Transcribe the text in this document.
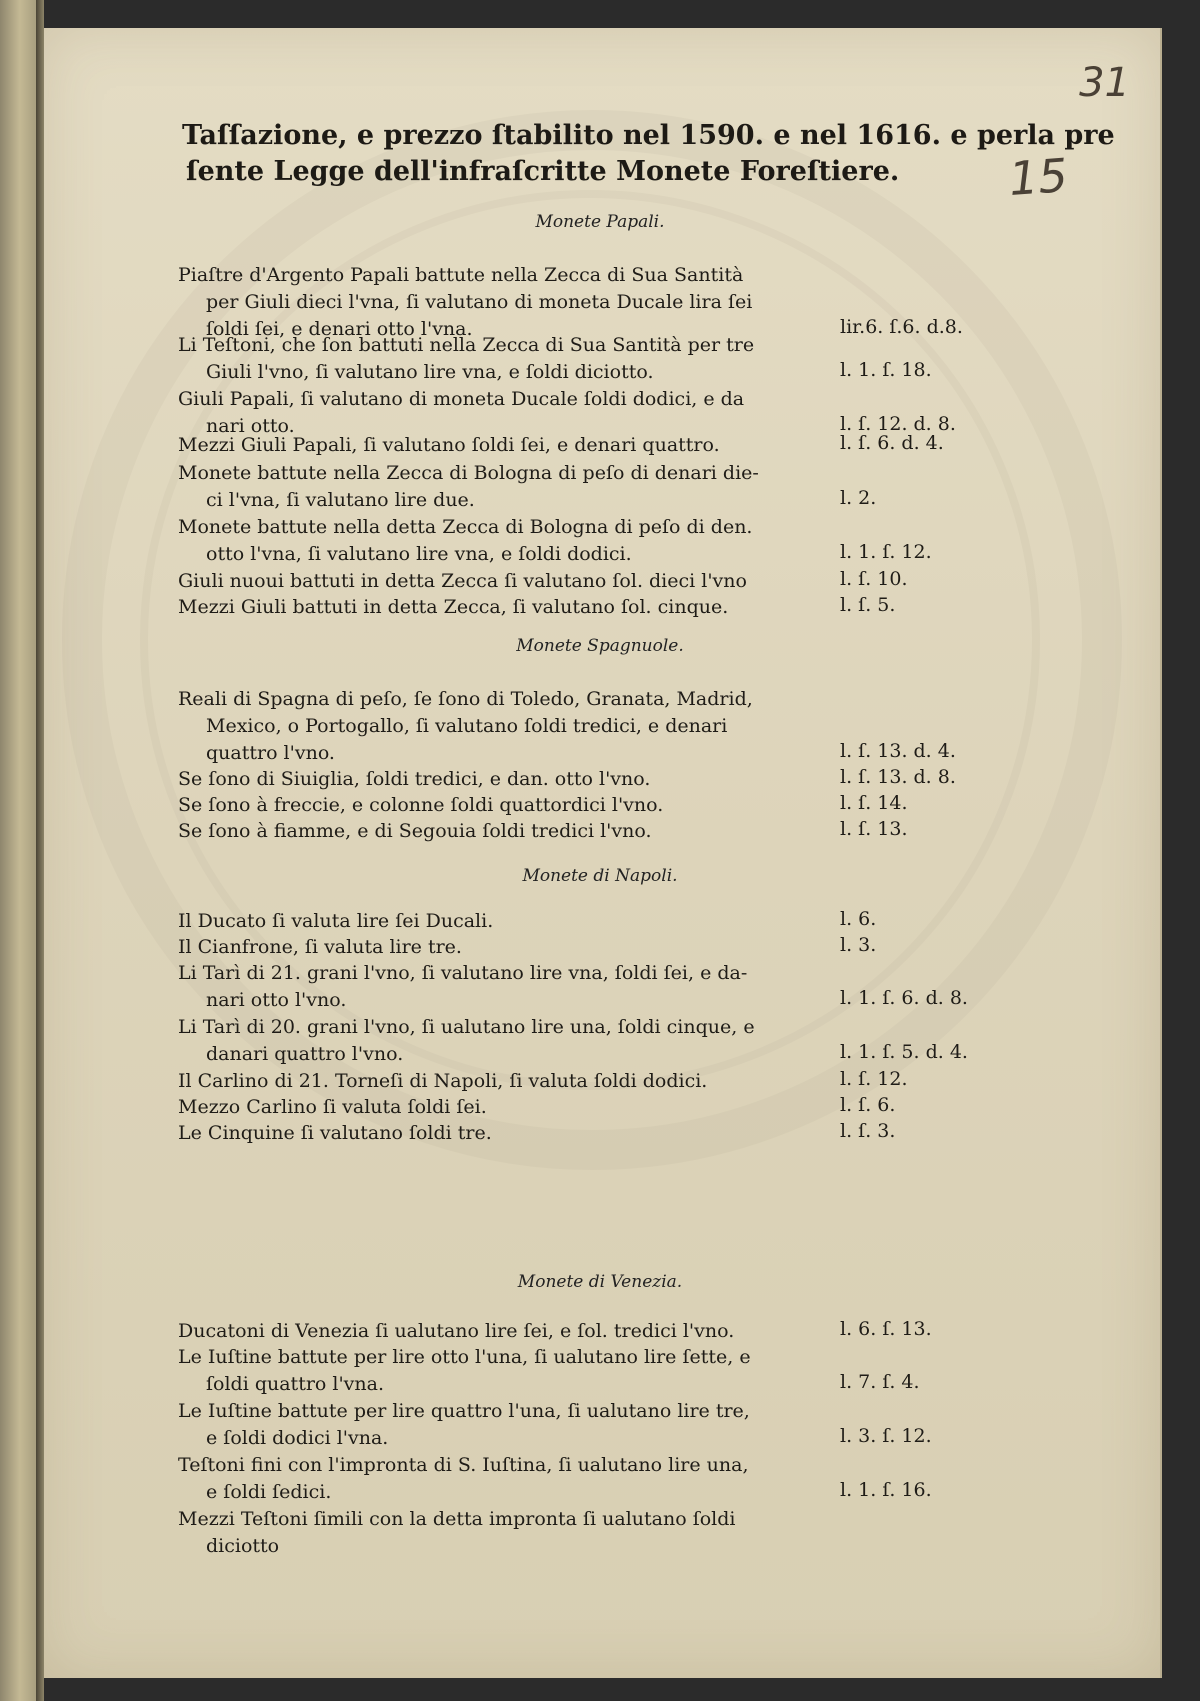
31
15
Taſſazione, e prezzo ſtabilito nel 1590. e nel 1616. e perla pre
ſente Legge dell'infraſcritte Monete Foreſtiere.
Monete Papali.
Piaſtre d'Argento Papali battute nella Zecca di Sua Santità
per Giuli dieci l'vna, ſi valutano di moneta Ducale lira ſei
ſoldi ſei, e denari otto l'vna.	lir.6. ſ.6. d.8.
Li Teſtoni, che ſon battuti nella Zecca di Sua Santità per tre
Giuli l'vno, ſi valutano lire vna, e ſoldi diciotto.	l. 1. ſ. 18.
Giuli Papali, ſi valutano di moneta Ducale ſoldi dodici, e da
nari otto.	l. ſ. 12. d. 8.
Mezzi Giuli Papali, ſi valutano ſoldi ſei, e denari quattro.	l. ſ. 6. d. 4.
Monete battute nella Zecca di Bologna di peſo di denari die-
ci l'vna, ſi valutano lire due.	l. 2.
Monete battute nella detta Zecca di Bologna di peſo di den.
otto l'vna, ſi valutano lire vna, e ſoldi dodici.	l. 1. ſ. 12.
Giuli nuoui battuti in detta Zecca ſi valutano ſol. dieci l'vno	l. ſ. 10.
Mezzi Giuli battuti in detta Zecca, ſi valutano ſol. cinque.	l. ſ. 5.
Monete Spagnuole.
Reali di Spagna di peſo, ſe ſono di Toledo, Granata, Madrid,
Mexico, o Portogallo, ſi valutano ſoldi tredici, e denari
quattro l'vno.	l. ſ. 13. d. 4.
Se ſono di Siuiglia, ſoldi tredici, e dan. otto l'vno.	l. ſ. 13. d. 8.
Se ſono à freccie, e colonne ſoldi quattordici l'vno.	l. ſ. 14.
Se ſono à fiamme, e di Segouia ſoldi tredici l'vno.	l. ſ. 13.
Monete di Napoli.
Il Ducato ſi valuta lire ſei Ducali.	l. 6.
Il Cianfrone, ſi valuta lire tre.	l. 3.
Li Tarì di 21. grani l'vno, ſi valutano lire vna, ſoldi ſei, e da-
nari otto l'vno.	l. 1. ſ. 6. d. 8.
Li Tarì di 20. grani l'vno, ſi ualutano lire una, ſoldi cinque, e
danari quattro l'vno.	l. 1. ſ. 5. d. 4.
Il Carlino di 21. Torneſi di Napoli, ſi valuta ſoldi dodici.	l. ſ. 12.
Mezzo Carlino ſi valuta ſoldi ſei.	l. ſ. 6.
Le Cinquine ſi valutano ſoldi tre.	l. ſ. 3.
Monete di Venezia.
Ducatoni di Venezia ſi ualutano lire ſei, e ſol. tredici l'vno.	l. 6. ſ. 13.
Le Iuſtine battute per lire otto l'una, ſi ualutano lire ſette, e
ſoldi quattro l'vna.	l. 7. ſ. 4.
Le Iuſtine battute per lire quattro l'una, ſi ualutano lire tre,
e ſoldi dodici l'vna.	l. 3. ſ. 12.
Teſtoni fini con l'impronta di S. Iuſtina, ſi ualutano lire una,
e ſoldi ſedici.	l. 1. ſ. 16.
Mezzi Teſtoni ſimili con la detta impronta ſi ualutano ſoldi
diciotto
